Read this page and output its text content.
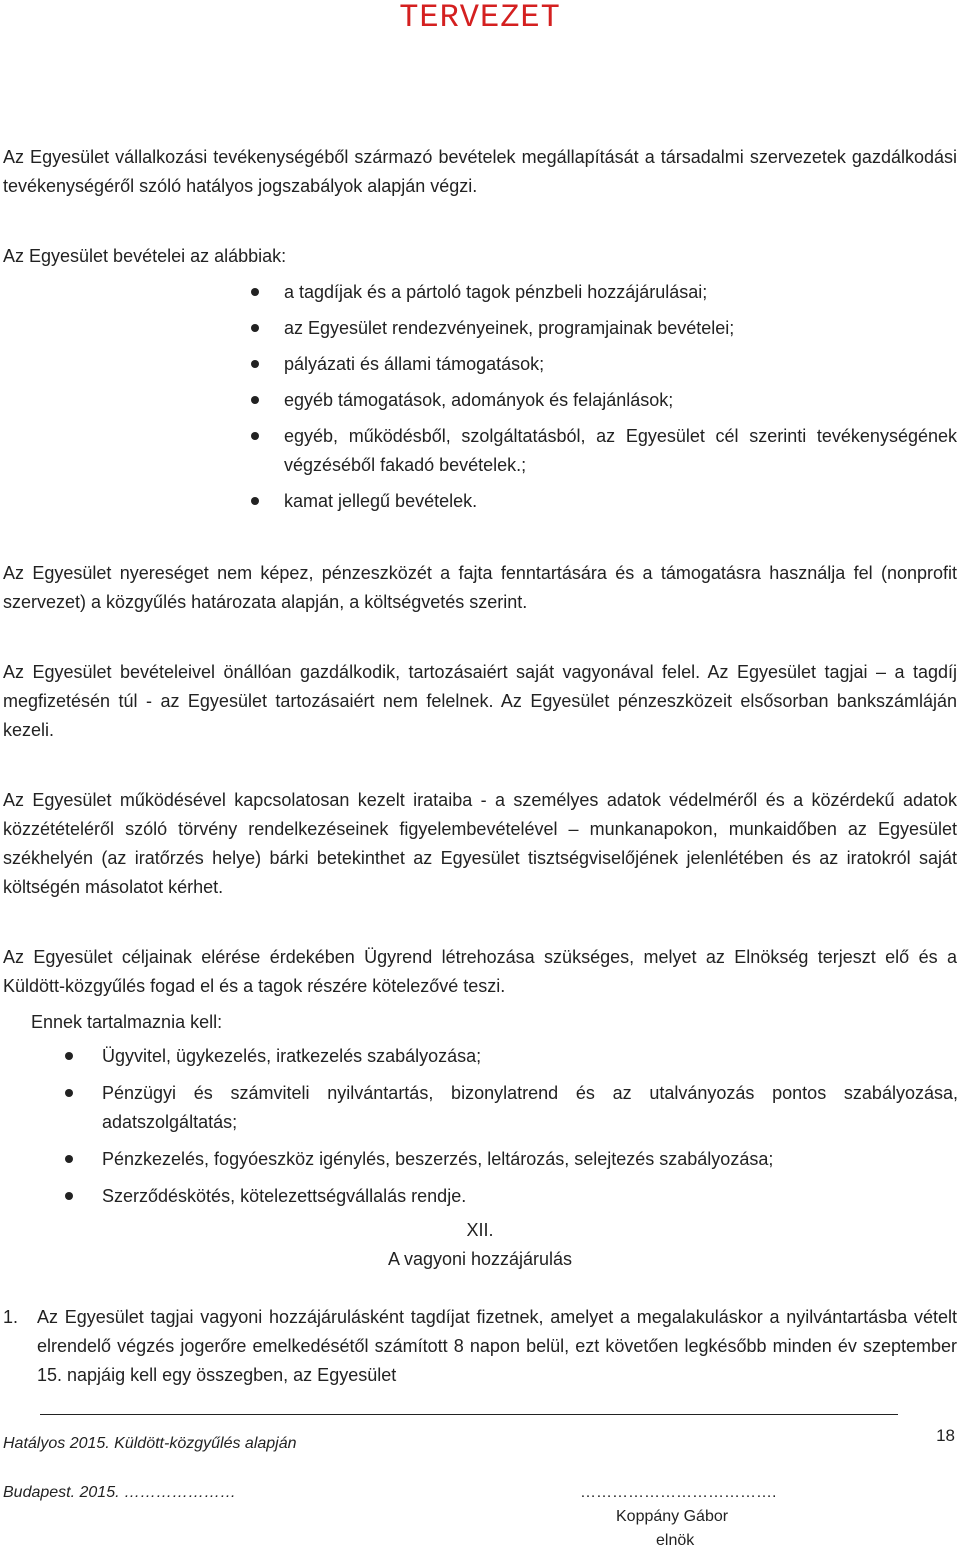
TERVEZET

Az Egyesület vállalkozási tevékenységéből származó bevételek megállapítását a társadalmi szervezetek gazdálkodási tevékenységéről szóló hatályos jogszabályok alapján végzi.

Az Egyesület bevételei az alábbiak:

a tagdíjak és a pártoló tagok pénzbeli hozzájárulásai;
az Egyesület rendezvényeinek, programjainak bevételei;
pályázati és állami támogatások;
egyéb támogatások, adományok és felajánlások;
egyéb, működésből, szolgáltatásból, az Egyesület cél szerinti tevékenységének végzéséből fakadó bevételek.;
kamat jellegű bevételek.

Az Egyesület nyereséget nem képez, pénzeszközét a fajta fenntartására és a támogatásra használja fel (nonprofit szervezet) a közgyűlés határozata alapján, a költségvetés szerint.

Az Egyesület bevételeivel önállóan gazdálkodik, tartozásaiért saját vagyonával felel. Az Egyesület tagjai – a tagdíj megfizetésén túl - az Egyesület tartozásaiért nem felelnek. Az Egyesület pénzeszközeit elsősorban bankszámláján kezeli.

Az Egyesület működésével kapcsolatosan kezelt irataiba - a személyes adatok védelméről és a közérdekű adatok közzétételéről szóló törvény rendelkezéseinek figyelembevételével – munkanapokon, munkaidőben az Egyesület székhelyén (az iratőrzés helye) bárki betekinthet az Egyesület tisztségviselőjének jelenlétében és az iratokról saját költségén másolatot kérhet.

Az Egyesület céljainak elérése érdekében Ügyrend létrehozása szükséges, melyet az Elnökség terjeszt elő és a Küldött-közgyűlés fogad el és a tagok részére kötelezővé teszi.

Ennek tartalmaznia kell:

Ügyvitel, ügykezelés, iratkezelés szabályozása;
Pénzügyi és számviteli nyilvántartás, bizonylatrend és az utalványozás pontos szabályozása, adatszolgáltatás;
Pénzkezelés, fogyóeszköz igénylés, beszerzés, leltározás, selejtezés szabályozása;
Szerződéskötés, kötelezettségvállalás rendje.
XII.
A vagyoni hozzájárulás
1. Az Egyesület tagjai vagyoni hozzájárulásként tagdíjat fizetnek, amelyet a megalakuláskor a nyilvántartásba vételt elrendelő végzés jogerőre emelkedésétől számított 8 napon belül, ezt követően legkésőbb minden év szeptember 15. napjáig kell egy összegben, az Egyesület
Hatályos 2015. Küldött-közgyűlés alapján	18
Budapest. 2015. …………………	……………………………….
Koppány Gábor
elnök
